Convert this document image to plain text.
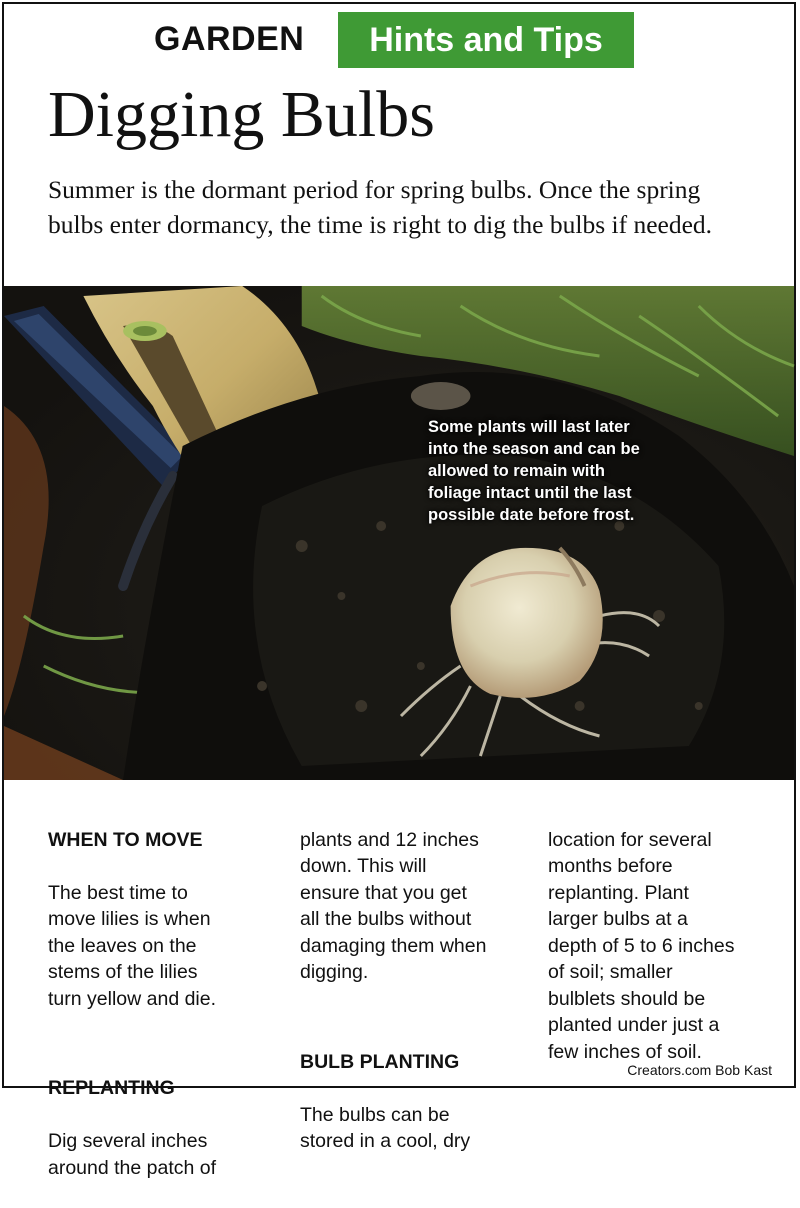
GARDEN	Hints and Tips
Digging Bulbs
Summer is the dormant period for spring bulbs. Once the spring bulbs enter dormancy, the time is right to dig the bulbs if needed.
Some plants will last later
into the season and can be
allowed to remain with
foliage intact until the last
possible date before frost.

WHEN TO MOVE

The best time to
move lilies is when
the leaves on the
stems of the lilies
turn yellow and die.

REPLANTING

Dig several inches
around the patch of

plants and 12 inches
down. This will
ensure that you get
all the bulbs without
damaging them when
digging.

BULB PLANTING

The bulbs can be
stored in a cool, dry

location for several
months before
replanting. Plant
larger bulbs at a
depth of 5 to 6 inches
of soil; smaller
bulblets should be
planted under just a
few inches of soil.

Creators.com Bob Kast
